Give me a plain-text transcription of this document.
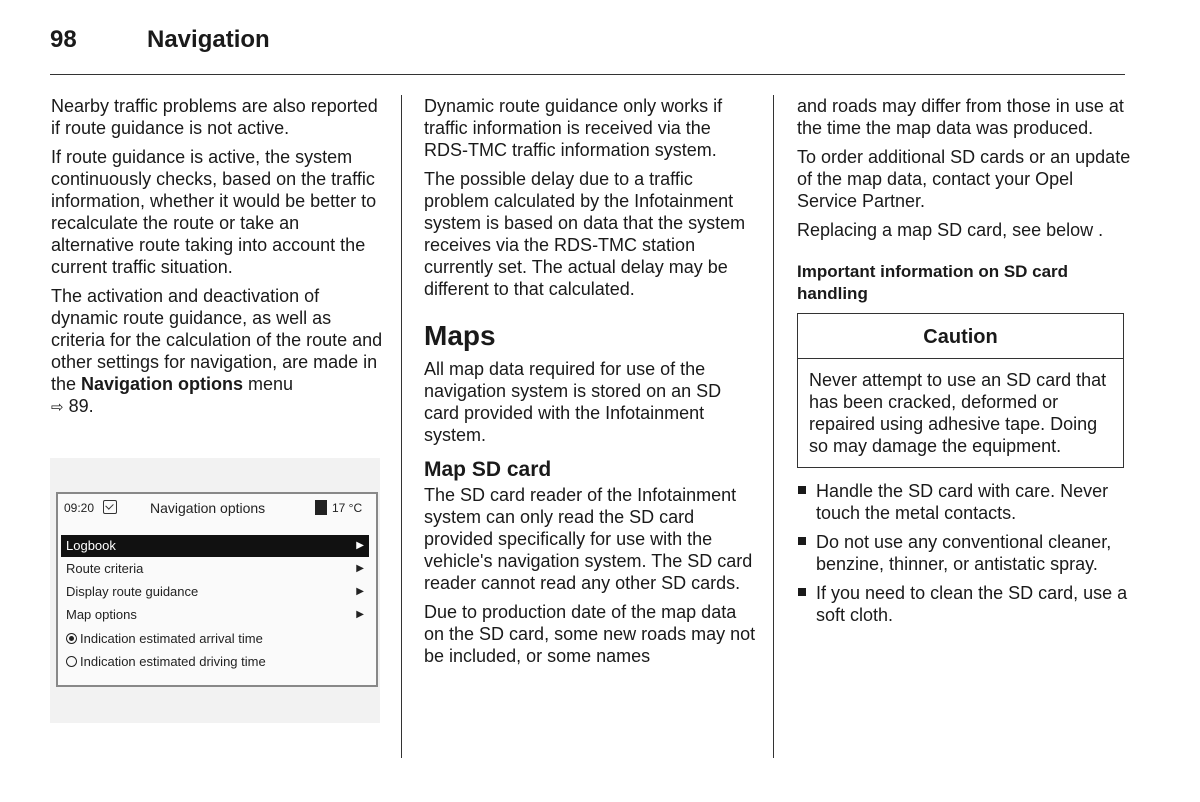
98	Navigation

Nearby traffic problems are also reported if route guidance is not active.

If route guidance is active, the system continuously checks, based on the traffic information, whether it would be better to recalculate the route or take an alternative route taking into account the current traffic situation.

The activation and deactivation of dynamic route guidance, as well as criteria for the calculation of the route and other settings for navigation, are made in the Navigation options menu
⇨ 89.

09:20	Navigation options	17 °C
Logbook	▶
Route criteria	▶
Display route guidance	▶
Map options	▶
Indication estimated arrival time
Indication estimated driving time

Dynamic route guidance only works if traffic information is received via the RDS-TMC traffic information system.

The possible delay due to a traffic problem calculated by the Infotainment system is based on data that the system receives via the RDS-TMC station currently set. The actual delay may be different to that calculated.

Maps

All map data required for use of the navigation system is stored on an SD card provided with the Infotainment system.

Map SD card

The SD card reader of the Infotainment system can only read the SD card provided specifically for use with the vehicle's navigation system. The SD card reader cannot read any other SD cards.

Due to production date of the map data on the SD card, some new roads may not be included, or some names

and roads may differ from those in use at the time the map data was produced.

To order additional SD cards or an update of the map data, contact your Opel Service Partner.

Replacing a map SD card, see below .

Important information on SD card handling
Caution
Never attempt to use an SD card that has been cracked, deformed or repaired using adhesive tape. Doing so may damage the equipment.
Handle the SD card with care. Never touch the metal contacts.
Do not use any conventional cleaner, benzine, thinner, or antistatic spray.
If you need to clean the SD card, use a soft cloth.
